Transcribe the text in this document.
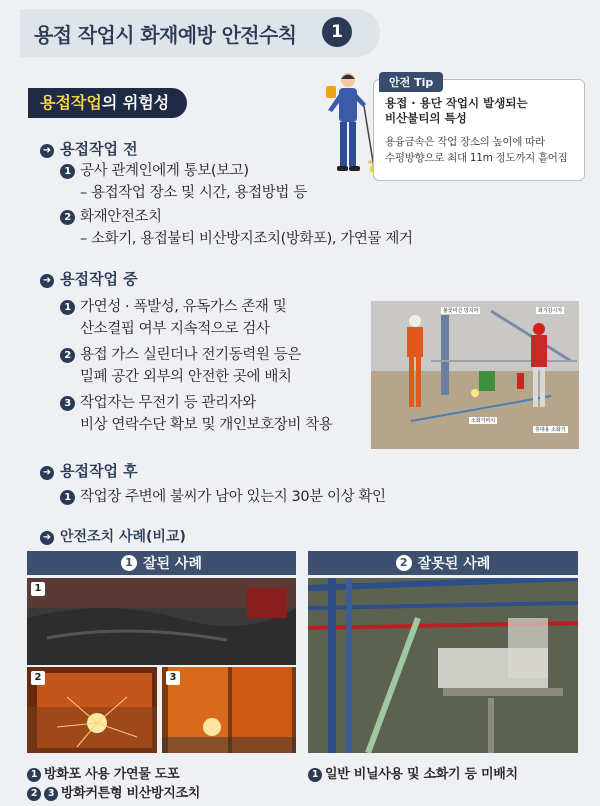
용접 작업시 화재예방 안전수칙	1
용접작업의 위험성
안전 Tip
용접 · 용단 작업시 발생되는
비산불티의 특성
용융금속은 작업 장소의 높이에 따라
수평방향으로 최대 11m 정도까지 흩어짐
➜ 용접작업 전
1 공사 관계인에게 통보(보고)
– 용접작업 장소 및 시간, 용접방법 등
2 화재안전조치
– 소화기, 용접불티 비산방지조치(방화포), 가연물 제거
➜ 용접작업 중
1 가연성 · 폭발성, 유독가스 존재 및
산소결핍 여부 지속적으로 검사
2 용접 가스 실린더나 전기동력원 등은
밀폐 공간 외부의 안전한 곳에 배치
3 작업자는 무전기 등 관리자와
비상 연락수단 확보 및 개인보호장비 착용
불꽃비산 방지막	화기감시자
소화기비치
휴대용 소화기
➜ 용접작업 후
1 작업장 주변에 불씨가 남아 있는지 30분 이상 확인
➜ 안전조치 사례(비교)
1 잘된 사례	2 잘못된 사례
1
2	3
1 방화포 사용 가연물 도포
2 3 방화커튼형 비산방지조치
1 일반 비닐사용 및 소화기 등 미배치
